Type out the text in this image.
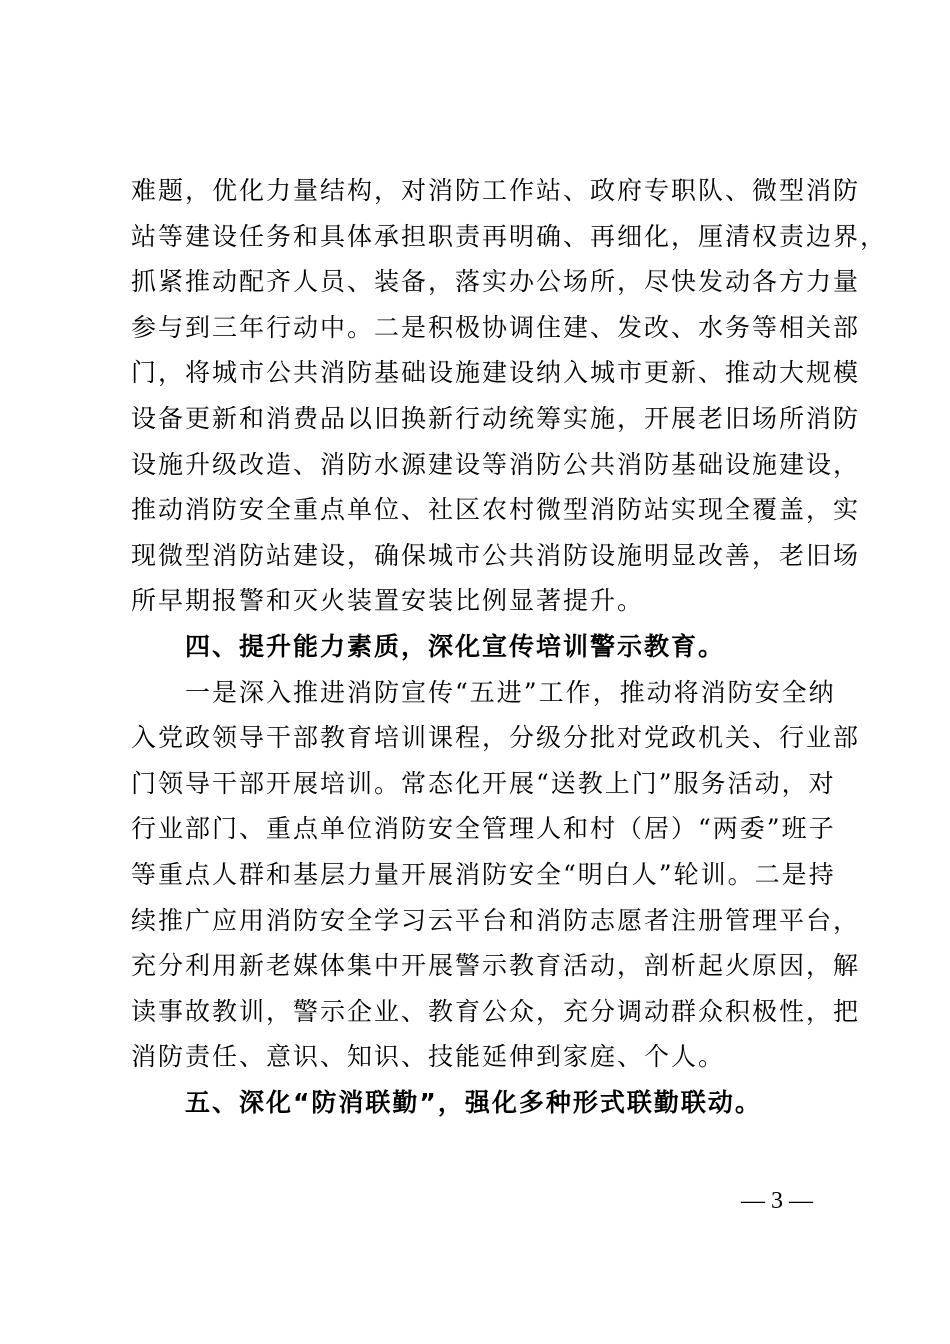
难题，优化力量结构，对消防工作站、政府专职队、微型消防
站等建设任务和具体承担职责再明确、再细化，厘清权责边界，
抓紧推动配齐人员、装备，落实办公场所，尽快发动各方力量
参与到三年行动中。二是积极协调住建、发改、水务等相关部
门，将城市公共消防基础设施建设纳入城市更新、推动大规模
设备更新和消费品以旧换新行动统筹实施，开展老旧场所消防
设施升级改造、消防水源建设等消防公共消防基础设施建设，
推动消防安全重点单位、社区农村微型消防站实现全覆盖，实
现微型消防站建设，确保城市公共消防设施明显改善，老旧场
所早期报警和灭火装置安装比例显著提升。
　　四、提升能力素质，深化宣传培训警示教育。
　　一是深入推进消防宣传“五进”工作，推动将消防安全纳
入党政领导干部教育培训课程，分级分批对党政机关、行业部
门领导干部开展培训。常态化开展“送教上门”服务活动，对
行业部门、重点单位消防安全管理人和村（居）“两委”班子
等重点人群和基层力量开展消防安全“明白人”轮训。二是持
续推广应用消防安全学习云平台和消防志愿者注册管理平台，
充分利用新老媒体集中开展警示教育活动，剖析起火原因，解
读事故教训，警示企业、教育公众，充分调动群众积极性，把
消防责任、意识、知识、技能延伸到家庭、个人。
　　五、深化“防消联勤”，强化多种形式联勤联动。
— 3 —
